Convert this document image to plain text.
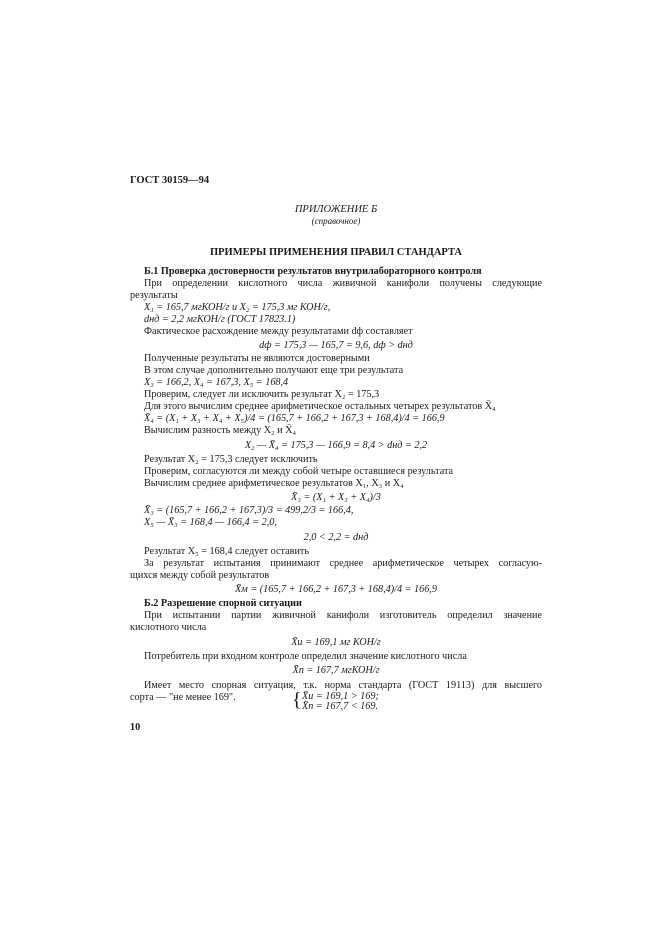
ГОСТ 30159—94
ПРИЛОЖЕНИЕ Б
(справочное)
ПРИМЕРЫ ПРИМЕНЕНИЯ ПРАВИЛ СТАНДАРТА
Б.1 Проверка достоверности результатов внутрилабораторного контроля
При определении кислотного числа живичной канифоли получены следующие
результаты
X₁ = 165,7 мгКОН/г и X₂ = 175,3 мг КОН/г,
dнд = 2,2 мгКОН/г (ГОСТ 17823.1)
Фактическое расхождение между результатами dф составляет
dф = 175,3 — 165,7 = 9,6, dф > dнд
Полученные результаты не являются достоверными
В этом случае дополнительно получают еще три результата
X₃ = 166,2, X₄ = 167,3, X₅ = 168,4
Проверим, следует ли исключить результат X₂ = 175,3
Для этого вычислим среднее арифметическое остальных четырех результатов X̄₄
X̄₄ = (X₁ + X₃ + X₄ + X₅)/4 = (165,7 + 166,2 + 167,3 + 168,4)/4 = 166,9
Вычислим разность между X₂ и X̄₄
X₂ — X̄₄ = 175,3 — 166,9 = 8,4 > dнд = 2,2
Результат X₂ = 175,3 следует исключить
Проверим, согласуются ли между собой четыре оставшиеся результата
Вычислим среднее арифметическое результатов X₁, X₃ и X₄
X̄₃ = (X₁ + X₃ + X₄)/3
X̄₃ = (165,7 + 166,2 + 167,3)/3 = 499,2/3 = 166,4,
X₅ — X̄₃ = 168,4 — 166,4 = 2,0,
2,0 < 2,2 = dнд
Результат X₅ = 168,4 следует оставить
За результат испытания принимают среднее арифметическое четырех согласую-
щихся между собой результатов
X̄м = (165,7 + 166,2 + 167,3 + 168,4)/4 = 166,9
Б.2 Разрешение спорной ситуации
При испытании партии живичной канифоли изготовитель определил значение
кислотного числа
X̄и = 169,1 мг КОН/г
Потребитель при входном контроле определил значение кислотного числа
X̄п = 167,7 мгКОН/г
Имеет место спорная ситуация, т.к. норма стандарта (ГОСТ 19113) для высшего
сорта — "не менее 169".	{ X̄и = 169,1 > 169;
X̄п = 167,7 < 169.
10
